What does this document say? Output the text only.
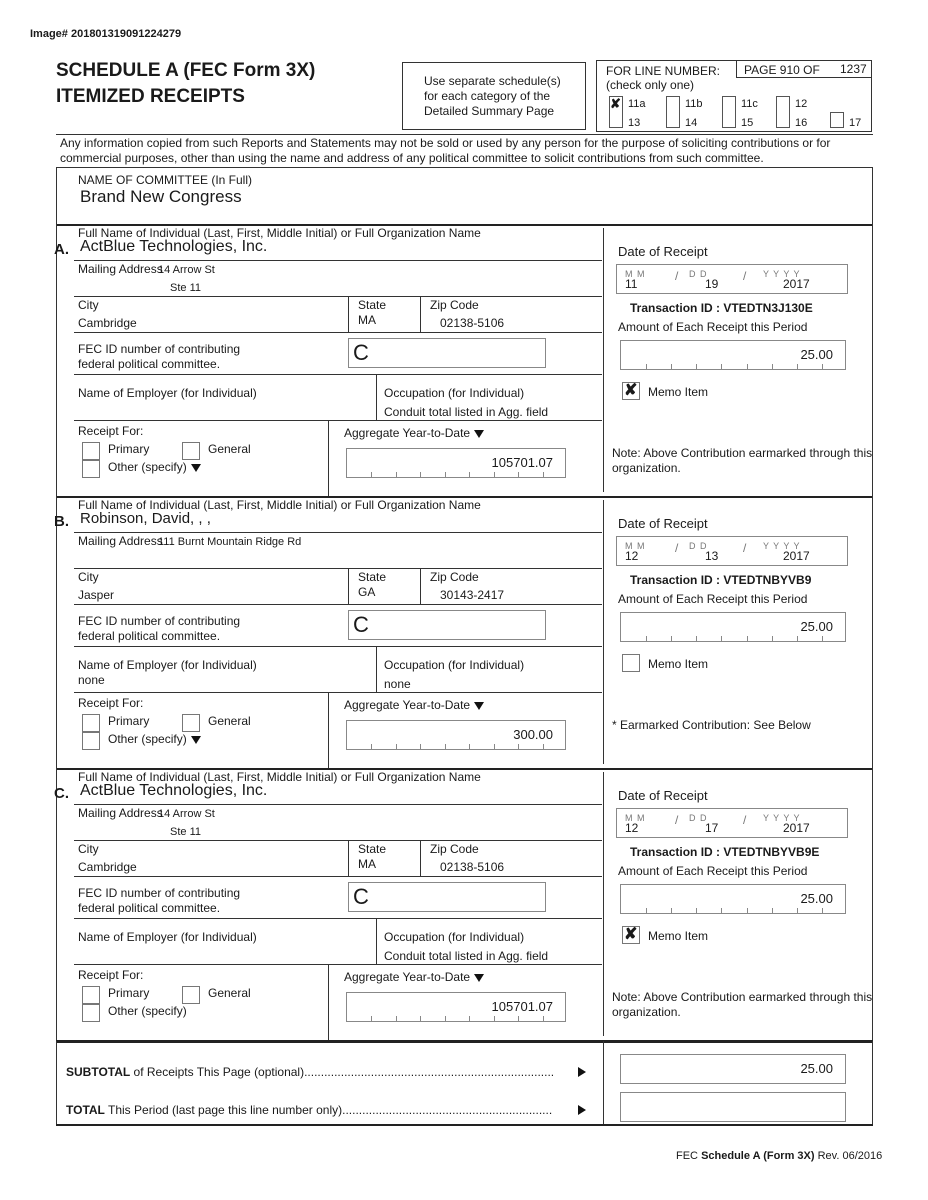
Image# 201801319091224279
SCHEDULE A (FEC Form 3X)
ITEMIZED RECEIPTS
Use separate schedule(s)
for each category of the
Detailed Summary Page
FOR LINE NUMBER:
(check only one)
PAGE 910 OF 1237
✘ 11a
13
11b
14
11c
15
12
16	17
Any information copied from such Reports and Statements may not be sold or used by any person for the purpose of soliciting contributions or for commercial purposes, other than using the name and address of any political committee to solicit contributions from such committee.
NAME OF COMMITTEE (In Full)
Brand New Congress
Full Name of Individual (Last, First, Middle Initial) or Full Organization Name
A. ActBlue Technologies, Inc.
Mailing Address
14 Arrow St
Ste 11
City
Cambridge
State
MA
Zip Code
02138-5106
FEC ID number of contributing
federal political committee.	C
Name of Employer (for Individual)	Occupation (for Individual)
Conduit total listed in Agg. field
Receipt For:
Primary	General
Other (specify)
Aggregate Year-to-Date
105701.07
Date of Receipt
M M	D D	Y Y Y Y
11	19	2017
/	/
Transaction ID : VTEDTN3J130E
Amount of Each Receipt this Period
25.00
✘ Memo Item
Note: Above Contribution earmarked through this organization.
Full Name of Individual (Last, First, Middle Initial) or Full Organization Name
B. Robinson, David, , ,
Mailing Address
111 Burnt Mountain Ridge Rd
City
Jasper
State
GA
Zip Code
30143-2417
FEC ID number of contributing
federal political committee.	C
Name of Employer (for Individual)
none
Occupation (for Individual)
none
Receipt For:
Primary	General
Other (specify)
Aggregate Year-to-Date
300.00
Date of Receipt
M M	D D	Y Y Y Y
12	13	2017
/	/
Transaction ID : VTEDTNBYVB9
Amount of Each Receipt this Period
25.00
Memo Item
* Earmarked Contribution: See Below
Full Name of Individual (Last, First, Middle Initial) or Full Organization Name
C. ActBlue Technologies, Inc.
Mailing Address
14 Arrow St
Ste 11
City
Cambridge
State
MA
Zip Code
02138-5106
FEC ID number of contributing
federal political committee.	C
Name of Employer (for Individual)	Occupation (for Individual)
Conduit total listed in Agg. field
Receipt For:
Primary	General
Other (specify)
Aggregate Year-to-Date
105701.07
Date of Receipt
M M	D D	Y Y Y Y
12	17	2017
/	/
Transaction ID : VTEDTNBYVB9E
Amount of Each Receipt this Period
25.00
✘ Memo Item
Note: Above Contribution earmarked through this organization.
SUBTOTAL of Receipts This Page (optional)...........................................................................	25.00
TOTAL This Period (last page this line number only)...............................................................
FEC Schedule A (Form 3X) Rev. 06/2016
